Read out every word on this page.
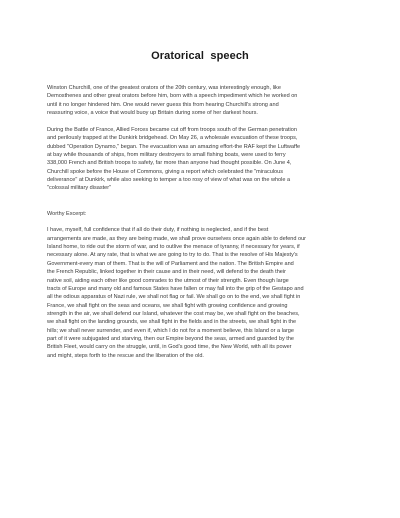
Oratorical  speech
Winston Churchill, one of the greatest orators of the 20th century, was interestingly enough, like
Demosthenes and other great orators before him, born with a speech impediment which he worked on
until it no longer hindered him. One would never guess this from hearing Churchill's strong and
reassuring voice, a voice that would buoy up Britain during some of her darkest hours.
During the Battle of France, Allied Forces became cut off from troops south of the German penetration
and perilously trapped at the Dunkirk bridgehead. On May 26, a wholesale evacuation of these troops,
dubbed "Operation Dynamo," began. The evacuation was an amazing effort-the RAF kept the Luftwaffe
at bay while thousands of ships, from military destroyers to small fishing boats, were used to ferry
338,000 French and British troops to safety, far more than anyone had thought possible. On June 4,
Churchill spoke before the House of Commons, giving a report which celebrated the "miraculous
deliverance" at Dunkirk, while also seeking to temper a too rosy of view of what was on the whole a
"colossal military disaster"
Worthy Excerpt:
I have, myself, full confidence that if all do their duty, if nothing is neglected, and if the best
arrangements are made, as they are being made, we shall prove ourselves once again able to defend our
Island home, to ride out the storm of war, and to outlive the menace of tyranny, if necessary for years, if
necessary alone. At any rate, that is what we are going to try to do. That is the resolve of His Majesty's
Government-every man of them. That is the will of Parliament and the nation. The British Empire and
the French Republic, linked together in their cause and in their need, will defend to the death their
native soil, aiding each other like good comrades to the utmost of their strength. Even though large
tracts of Europe and many old and famous States have fallen or may fall into the grip of the Gestapo and
all the odious apparatus of Nazi rule, we shall not flag or fail. We shall go on to the end, we shall fight in
France, we shall fight on the seas and oceans, we shall fight with growing confidence and growing
strength in the air, we shall defend our Island, whatever the cost may be, we shall fight on the beaches,
we shall fight on the landing grounds, we shall fight in the fields and in the streets, we shall fight in the
hills; we shall never surrender, and even if, which I do not for a moment believe, this Island or a large
part of it were subjugated and starving, then our Empire beyond the seas, armed and guarded by the
British Fleet, would carry on the struggle, until, in God's good time, the New World, with all its power
and might, steps forth to the rescue and the liberation of the old.
